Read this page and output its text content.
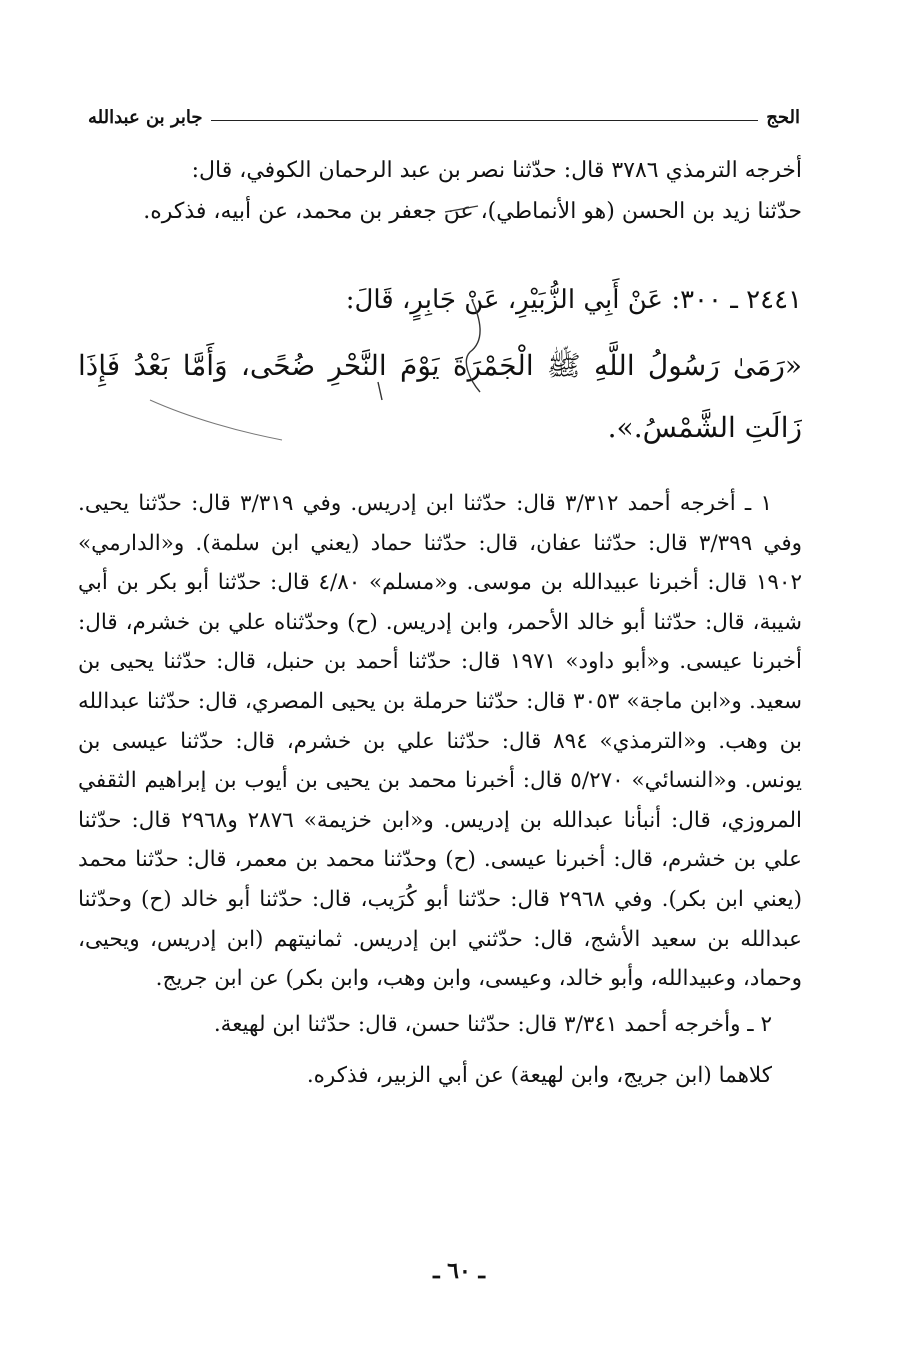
الحج
جابر بن عبدالله

أخرجه الترمذي ٣٧٨٦ قال: حدّثنا نصر بن عبد الرحمان الكوفي، قال:

حدّثنا زيد بن الحسن (هو الأنماطي)، عن جعفر بن محمد، عن أبيه، فذكره.

٢٤٤١ ـ ٣٠٠: عَنْ أَبِي الزُّبَيْرِ، عَنْ جَابِرٍ، قَالَ:

«رَمَىٰ رَسُولُ اللَّهِ ﷺ الْجَمْرَةَ يَوْمَ النَّحْرِ ضُحًى، وَأَمَّا بَعْدُ فَإِذَا زَالَتِ الشَّمْسُ.».

١ ـ أخرجه أحمد ٣/٣١٢ قال: حدّثنا ابن إدريس. وفي ٣/٣١٩ قال: حدّثنا يحيى. وفي ٣/٣٩٩ قال: حدّثنا عفان، قال: حدّثنا حماد (يعني ابن سلمة). و«الدارمي» ١٩٠٢ قال: أخبرنا عبيدالله بن موسى. و«مسلم» ٤/٨٠ قال: حدّثنا أبو بكر بن أبي شيبة، قال: حدّثنا أبو خالد الأحمر، وابن إدريس. (ح) وحدّثناه علي بن خشرم، قال: أخبرنا عيسى. و«أبو داود» ١٩٧١ قال: حدّثنا أحمد بن حنبل، قال: حدّثنا يحيى بن سعيد. و«ابن ماجة» ٣٠٥٣ قال: حدّثنا حرملة بن يحيى المصري، قال: حدّثنا عبدالله بن وهب. و«الترمذي» ٨٩٤ قال: حدّثنا علي بن خشرم، قال: حدّثنا عيسى بن يونس. و«النسائي» ٥/٢٧٠ قال: أخبرنا محمد بن يحيى بن أيوب بن إبراهيم الثقفي المروزي، قال: أنبأنا عبدالله بن إدريس. و«ابن خزيمة» ٢٨٧٦ و٢٩٦٨ قال: حدّثنا علي بن خشرم، قال: أخبرنا عيسى. (ح) وحدّثنا محمد بن معمر، قال: حدّثنا محمد (يعني ابن بكر). وفي ٢٩٦٨ قال: حدّثنا أبو كُرَيب، قال: حدّثنا أبو خالد (ح) وحدّثنا عبدالله بن سعيد الأشج، قال: حدّثني ابن إدريس. ثمانيتهم (ابن إدريس، ويحيى، وحماد، وعبيدالله، وأبو خالد، وعيسى، وابن وهب، وابن بكر) عن ابن جريج.

٢ ـ وأخرجه أحمد ٣/٣٤١ قال: حدّثنا حسن، قال: حدّثنا ابن لهيعة.

كلاهما (ابن جريج، وابن لهيعة) عن أبي الزبير، فذكره.

ـ ٦٠ ـ
